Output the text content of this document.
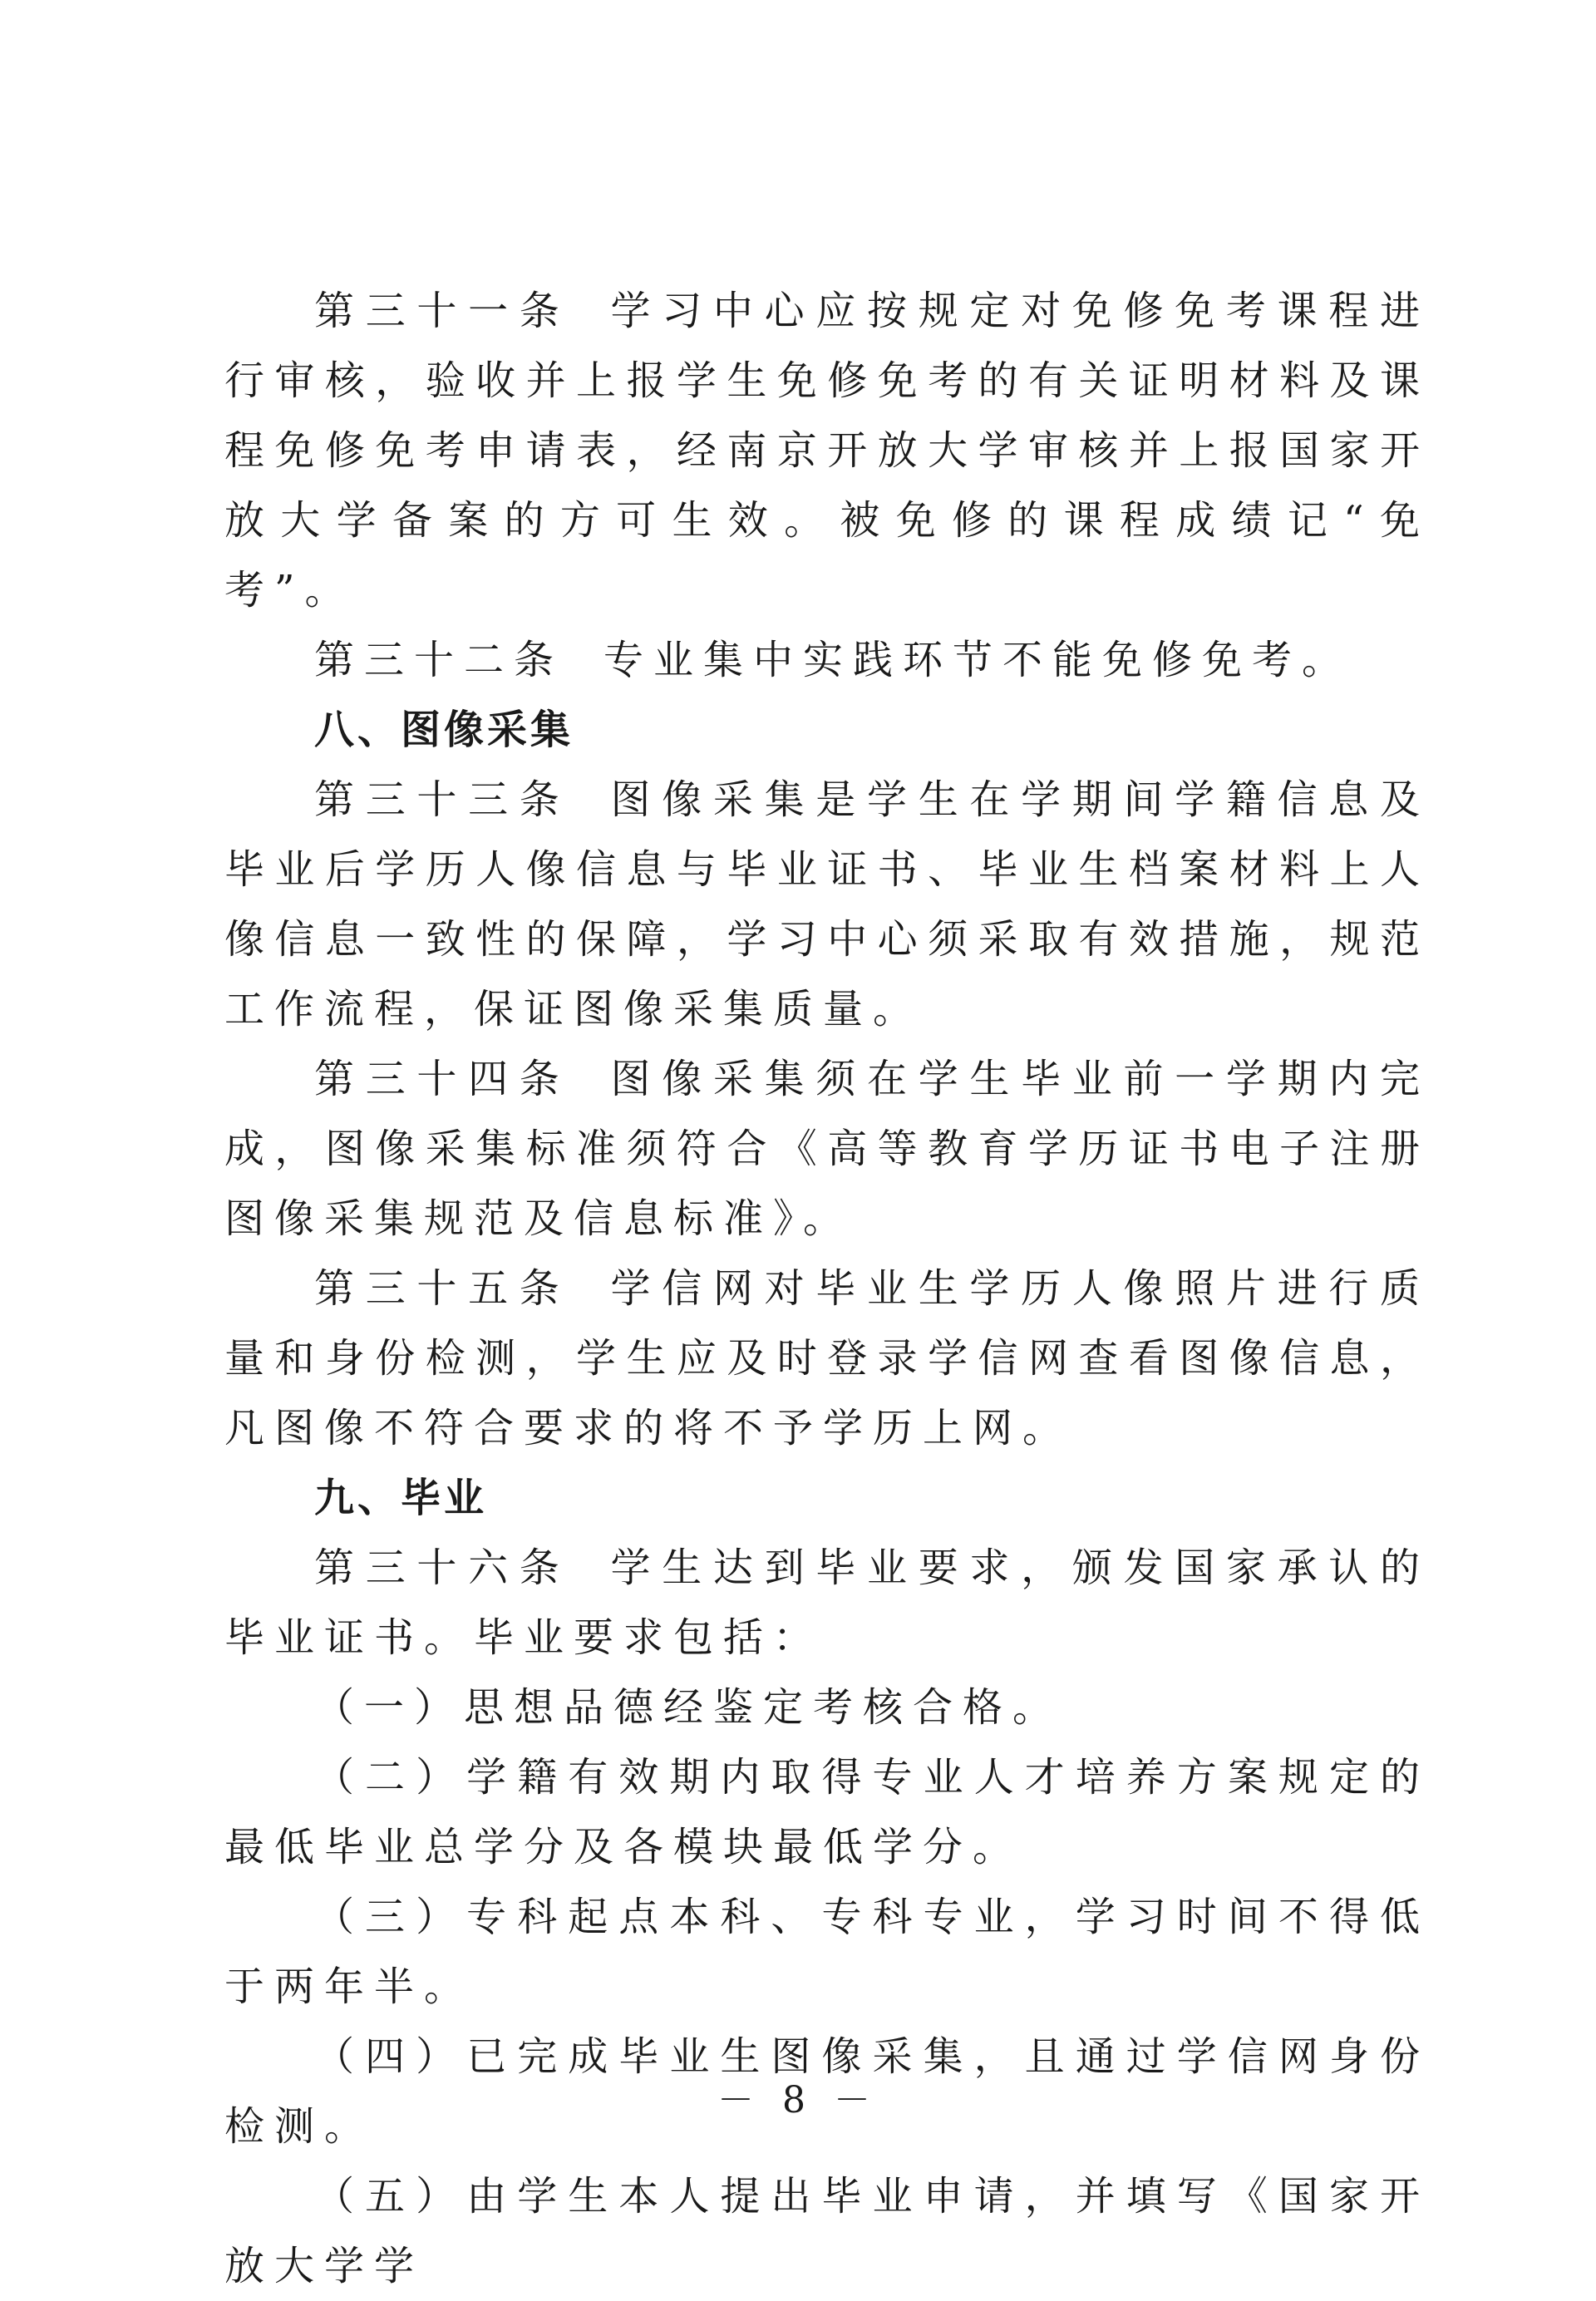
第三十一条 学习中心应按规定对免修免考课程进行审核，验收并上报学生免修免考的有关证明材料及课程免修免考申请表，经南京开放大学审核并上报国家开放大学备案的方可生效。被免修的课程成绩记“免考”。

第三十二条 专业集中实践环节不能免修免考。

八、图像采集

第三十三条 图像采集是学生在学期间学籍信息及毕业后学历人像信息与毕业证书、毕业生档案材料上人像信息一致性的保障，学习中心须采取有效措施，规范工作流程，保证图像采集质量。

第三十四条 图像采集须在学生毕业前一学期内完成，图像采集标准须符合《高等教育学历证书电子注册图像采集规范及信息标准》。

第三十五条 学信网对毕业生学历人像照片进行质量和身份检测，学生应及时登录学信网查看图像信息，凡图像不符合要求的将不予学历上网。

九、毕业

第三十六条 学生达到毕业要求，颁发国家承认的毕业证书。毕业要求包括：

（一）思想品德经鉴定考核合格。

（二）学籍有效期内取得专业人才培养方案规定的最低毕业总学分及各模块最低学分。

（三）专科起点本科、专科专业，学习时间不得低于两年半。

（四）已完成毕业生图像采集，且通过学信网身份检测。

（五）由学生本人提出毕业申请，并填写《国家开放大学学

－ 8 －
